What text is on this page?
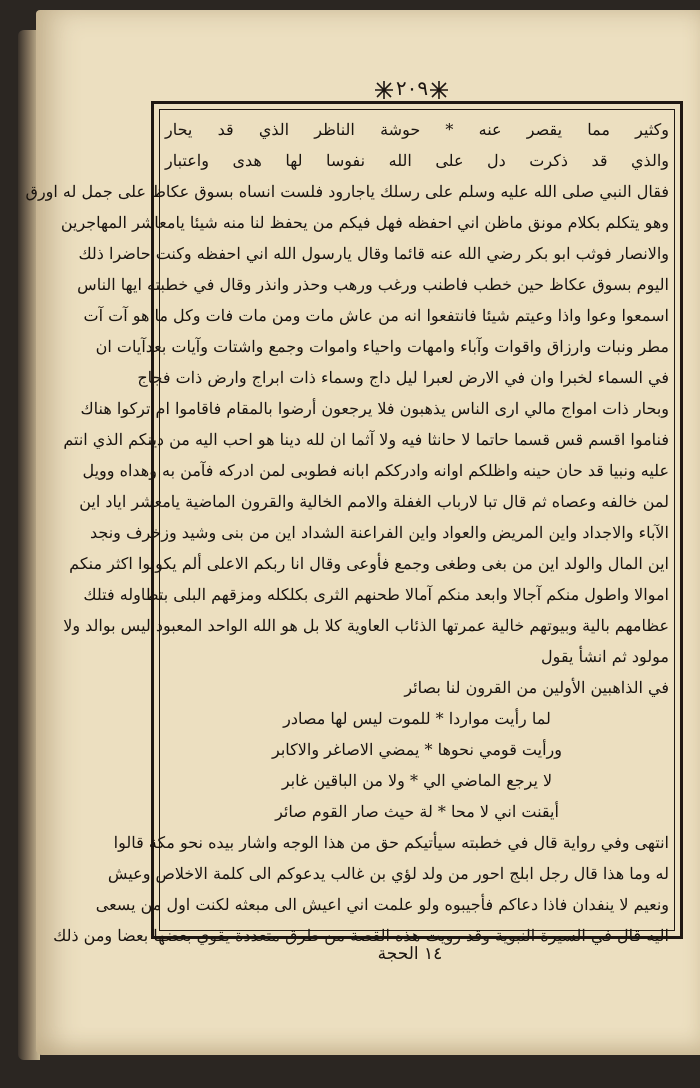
٢٠٩
وكثير مما يقصر عنه * حوشة الناظر الذي قد يحار
والذي قد ذكرت دل على الله نفوسا لها هدى واعتبار
فقال النبي صلى الله عليه وسلم على رسلك ياجارود فلست انساه بسوق عكاظ على جمل له اورق
وهو يتكلم بكلام مونق ماظن اني احفظه فهل فيكم من يحفظ لنا منه شيئا يامعاشر المهاجرين
والانصار فوثب ابو بكر رضي الله عنه قائما وقال يارسول الله اني احفظه وكنت حاضرا ذلك
اليوم بسوق عكاظ حين خطب فاطنب ورغب ورهب وحذر وانذر وقال في خطبته ايها الناس
اسمعوا وعوا واذا وعيتم شيئا فانتفعوا انه من عاش مات ومن مات فات وكل ما هو آت آت
مطر ونبات وارزاق واقوات وآباء وامهات واحياء واموات وجمع واشتات وآيات بعدآيات ان
في السماء لخبرا وان في الارض لعبرا ليل داج وسماء ذات ابراج وارض ذات فجاج
وبحار ذات امواج مالي ارى الناس يذهبون فلا يرجعون أرضوا بالمقام فاقاموا ام تركوا هناك
فناموا اقسم قس قسما حاتما لا حانثا فيه ولا آثما ان لله دينا هو احب اليه من دينكم الذي انتم
عليه ونبيا قد حان حينه واظلكم اوانه وادرككم ابانه فطوبى لمن ادركه فآمن به وهداه وويل
لمن خالفه وعصاه ثم قال تبا لارباب الغفلة والامم الخالية والقرون الماضية يامعشر اياد اين
الآباء والاجداد واين المريض والعواد واين الفراعنة الشداد اين من بنى وشيد وزخرف ونجد
اين المال والولد اين من بغى وطغى وجمع فأوعى وقال انا ربكم الاعلى ألم يكونوا اكثر منكم
اموالا واطول منكم آجالا وابعد منكم آمالا طحنهم الثرى بكلكله ومزقهم البلى بتطاوله فتلك
عظامهم بالية وبيوتهم خالية عمرتها الذئاب العاوية كلا بل هو الله الواحد المعبود ليس بوالد ولا
مولود ثم انشأ يقول
في الذاهبين الأولين من القرون لنا بصائر
لما رأيت مواردا * للموت ليس لها مصادر
ورأيت قومي نحوها * يمضي الاصاغر والاكابر
لا يرجع الماضي الي * ولا من الباقين غابر
أيقنت اني لا محا * لة حيث صار القوم صائر
انتهى وفي رواية قال في خطبته سيأتيكم حق من هذا الوجه واشار بيده نحو مكة قالوا
له وما هذا قال رجل ابلج احور من ولد لؤي بن غالب يدعوكم الى كلمة الاخلاص وعيش
ونعيم لا ينفدان فاذا دعاكم فأجيبوه ولو علمت اني اعيش الى مبعثه لكنت اول من يسعى
اليه قال في السيرة النبوية وقد رويت هذه القصة من طرق متعددة يقوي بعضها بعضا ومن ذلك
١٤ الحجة
